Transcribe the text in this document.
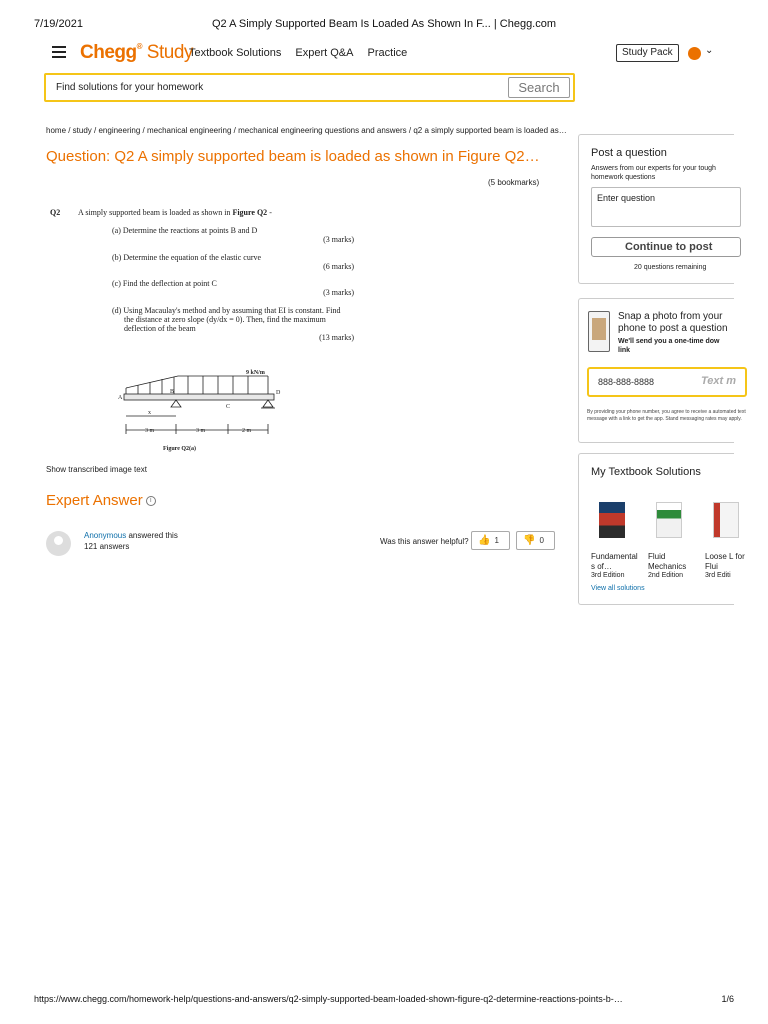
7/19/2021	Q2 A Simply Supported Beam Is Loaded As Shown In F... | Chegg.com
Chegg® Study
Textbook Solutions Expert Q&A Practice	Study Pack	⌄
Find solutions for your homework	Search
home / study / engineering / mechanical engineering / mechanical engineering questions and answers / q2 a simply supported beam is loaded as…
Question: Q2 A simply supported beam is loaded as shown in Figure Q2…
(5 bookmarks)
Q2 A simply supported beam is loaded as shown in Figure Q2 -
(a) Determine the reactions at points B and D
(3 marks)
(b) Determine the equation of the elastic curve
(6 marks)
(c) Find the deflection at point C
(3 marks)
(d) Using Macaulay's method and by assuming that EI is constant. Find
the distance at zero slope (dy/dx = 0). Then, find the maximum
deflection of the beam
(13 marks)
9 kN/m
A
B
C
D
x
3 m	3 m	2 m
Figure Q2(a)
Show transcribed image text
Expert Answer i
Anonymous answered this
121 answers
Was this answer helpful? 👍 1	👎 0
Post a question
Answers from our experts for your tough homework questions
Enter question
Continue to post
20 questions remaining
Snap a photo from your
phone to post a question
We'll send you a one-time dow
link
888-888-8888	Text m
By providing your phone number, you agree to receive a automated text message with a link to get the app. Stand messaging rates may apply.
My Textbook Solutions
Fundamental s of…
3rd Edition
Fluid Mechanics
2nd Edition
Loose L for Flui
3rd Editi
View all solutions
https://www.chegg.com/homework-help/questions-and-answers/q2-simply-supported-beam-loaded-shown-figure-q2-determine-reactions-points-b-…	1/6
